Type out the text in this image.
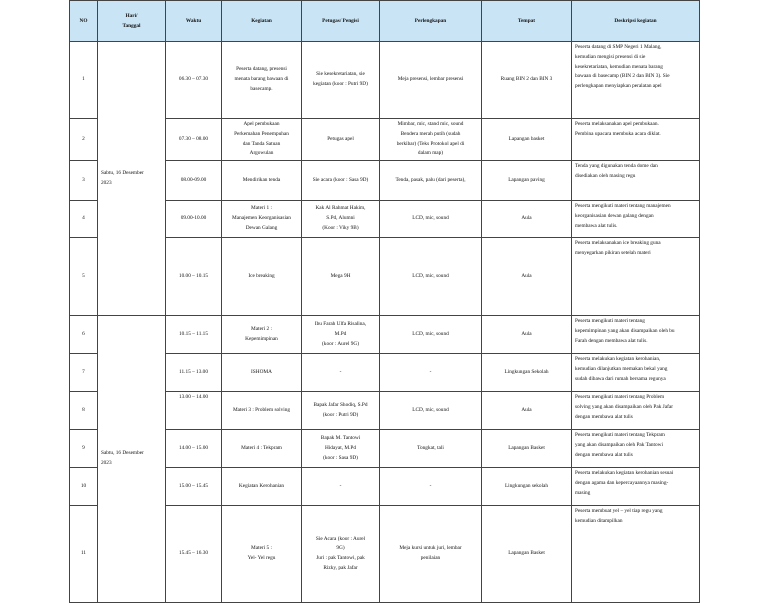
NO	Hari/
Tanggal	Waktu	Kegiatan	Petugas/ Pengisi	Perlengkapan	Tempat	Deskripsi kegiatan
1	Sabtu, 16 Desember
2023	06.30 – 07.30	Peserta datang, presensi
menata barang bawaan di
basecamp.	Sie kesekretariatan, sie
kegiatan (koor : Putri 9D)	Meja presensi, lembar presensi	Ruang BIN 2 dan BIN 3	Peserta datang di SMP Negeri 1 Malang,
kemudian mengisi presensi di sie
kesekretariatan, kemudian menata barang
bawaan di basecamp (BIN 2 dan BIN 3). Sie
perlengkapan menyiapkan peralatan apel

2		07.30 – 08.00	Apel pembukaan
Perkemahan Penempuhan
dan Tanda Satuan
Argowulan	Petugas apel	Mimbar, mic, stand mic, sound
Bendera merah putih (sudah
berkibar) (Teks Protokol apel di
dalam map)	Lapangan basket	Peserta melaksanakan apel pembukaan.
Pembina upacara membuka acara diklat.

3		08.00-09.00	Mendirikan tenda	Sie acara (koor : Sasa 9D)	Tenda, pasak, palu (dari peserta),	Lapangan paving	Tenda yang digunakan tenda dome dan
disediakan oleh masing regu

4		09.00-10.00	Materi 1 :
Manajemen Keorganisasian
Dewan Galang	Kak Al Rahmat Hakim,
S.Pd, Alumni
(Koor : Viky 9B)	LCD, mic, sound	Aula	Peserta mengikuti materi tentang manajemen
keorganisasian dewan galang dengan
membawa alat tulis.

5		10.00 – 10.15	Ice breaking	Mega 9H	LCD, mic, sound	Aula	Peserta melaksanakan ice breaking guna
menyegarkan pikiran setelah materi

6	Sabtu, 16 Desember
2023	10.15 – 11.15	Materi 2 :
Kepemimpinan	Ibu Farah Ulfa Risalina,
M.Pd
(koor : Aurel 9G)	LCD, mic, sound	Aula	Peserta mengikuti materi tentang
kepemimpinan yang akan disampaikan oleh bu
Farah dengan membawa alat tulis.

7		11.15 – 13.00	ISHOMA	-	-	Lingkungan Sekolah	Peserta melakukan kegiatan kerohanian,
kemudian dilanjutkan memakan bekal yang
sudah dibawa dari rumah bersama regunya

8		13.00 – 14.00	Materi 3 : Problem solving	Bapak Jafar Shodiq, S.Pd
(koor : Putri 9D)	LCD, mic, sound	Aula	Peserta mengikuti materi tentang Problem
solving yang akan disampaikan oleh Pak Jafar
dengan membawa alat tulis

9		14.00 – 15.00	Materi 4 : Tekpram	Bapak M. Tantowi
Hidayat, M.Pd
(koor : Sasa 9D)	Tongkat, tali	Lapangan Basket	Peserta mengikuti materi tentang Tekpram
yang akan disampaikan oleh Pak Tantowi
dengan membawa alat tulis

10		15.00 – 15.45	Kegiatan Kerohanian	-	-	Lingkungan sekolah	Peserta melakukan kegiatan kerohanian sesuai
dengan agama dan kepercayaannya masing-
masing

11		15.45 – 16.30	Materi 5 :
Yel- Yel regu	Sie Acara (koor : Aurel
9G)
Juri : pak Tantowi, pak
Rizky, pak Jafar	Meja kursi untuk juri, lembar
penilaian	Lapangan Basket	Peserta membuat yel – yel tiap regu yang
kemudian ditampilkan
